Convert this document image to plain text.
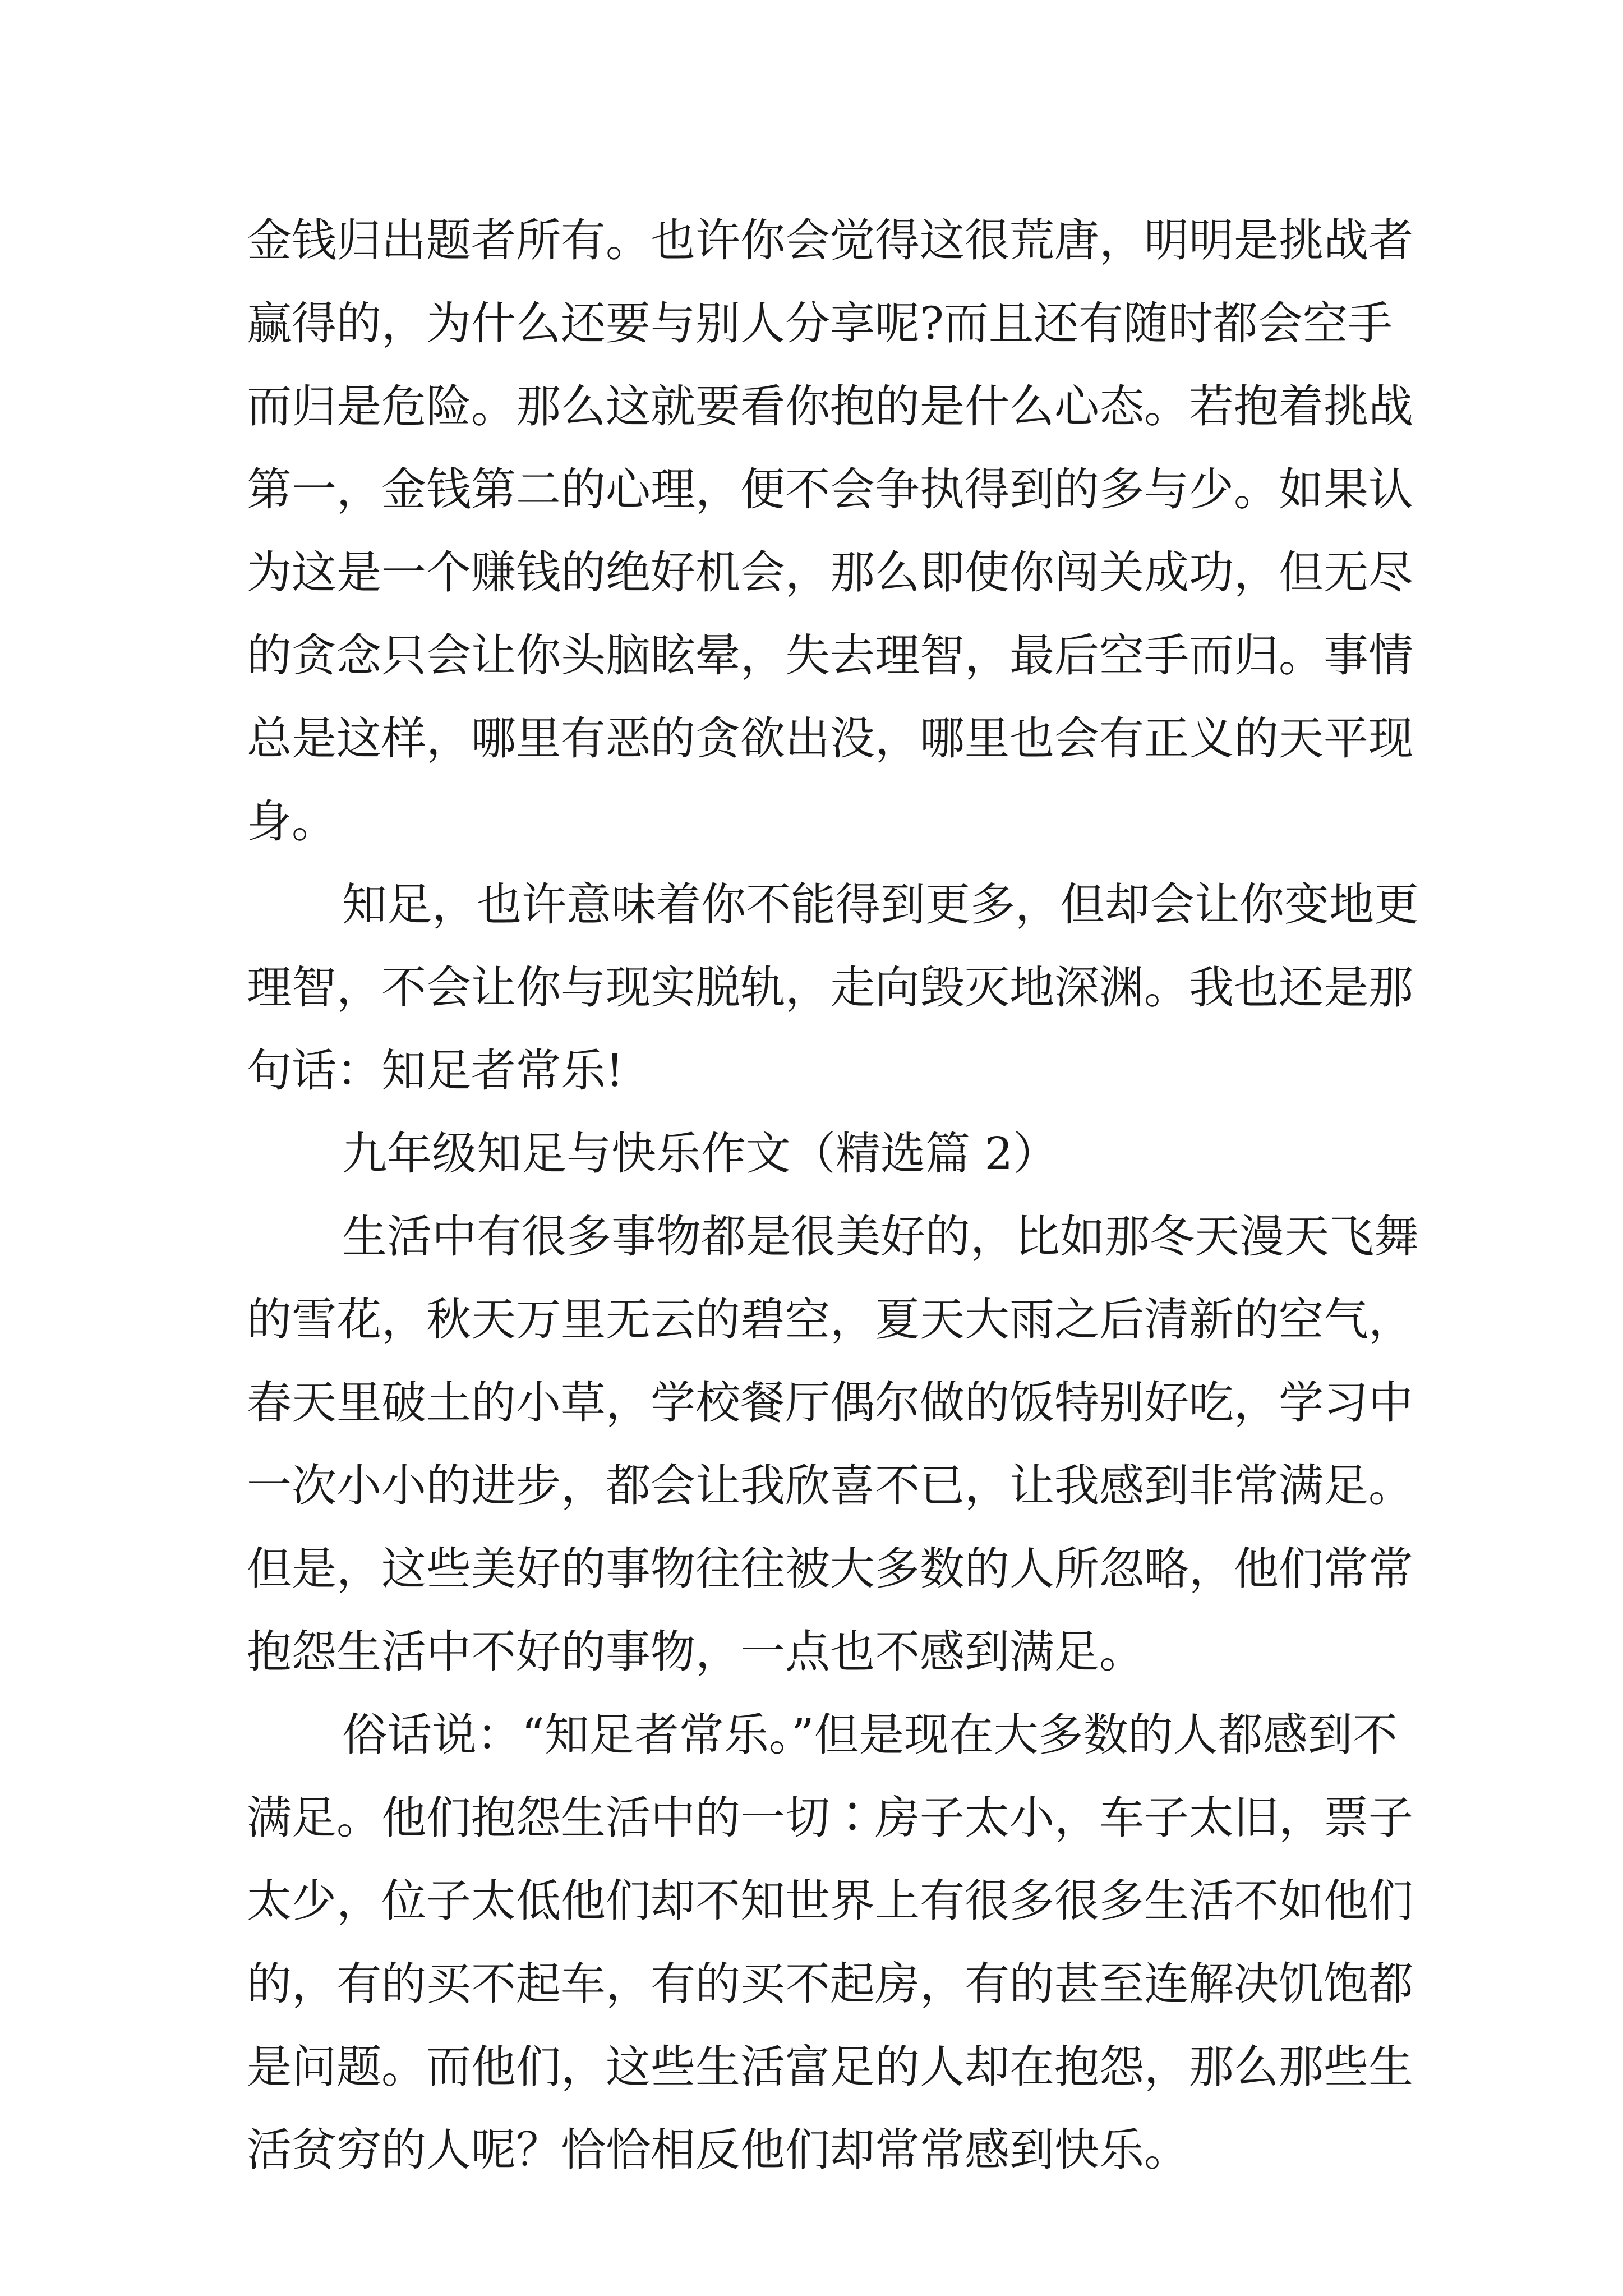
金钱归出题者所有。也许你会觉得这很荒唐，明明是挑战者
赢得的，为什么还要与别人分享呢?而且还有随时都会空手
而归是危险。那么这就要看你抱的是什么心态。若抱着挑战
第一，金钱第二的心理，便不会争执得到的多与少。如果认
为这是一个赚钱的绝好机会，那么即使你闯关成功，但无尽
的贪念只会让你头脑眩晕，失去理智，最后空手而归。事情
总是这样，哪里有恶的贪欲出没，哪里也会有正义的天平现
身。
知足，也许意味着你不能得到更多，但却会让你变地更
理智，不会让你与现实脱轨，走向毁灭地深渊。我也还是那
句话：知足者常乐!
九年级知足与快乐作文（精选篇 2）
生活中有很多事物都是很美好的，比如那冬天漫天飞舞
的雪花，秋天万里无云的碧空，夏天大雨之后清新的空气，
春天里破土的小草，学校餐厅偶尔做的饭特别好吃，学习中
一次小小的进步，都会让我欣喜不已，让我感到非常满足。
但是，这些美好的事物往往被大多数的人所忽略，他们常常
抱怨生活中不好的事物，一点也不感到满足。
俗话说：“知足者常乐。”但是现在大多数的人都感到不
满足。他们抱怨生活中的一切∶房子太小，车子太旧，票子
太少，位子太低他们却不知世界上有很多很多生活不如他们
的，有的买不起车，有的买不起房，有的甚至连解决饥饱都
是问题。而他们，这些生活富足的人却在抱怨，那么那些生
活贫穷的人呢？恰恰相反他们却常常感到快乐。
